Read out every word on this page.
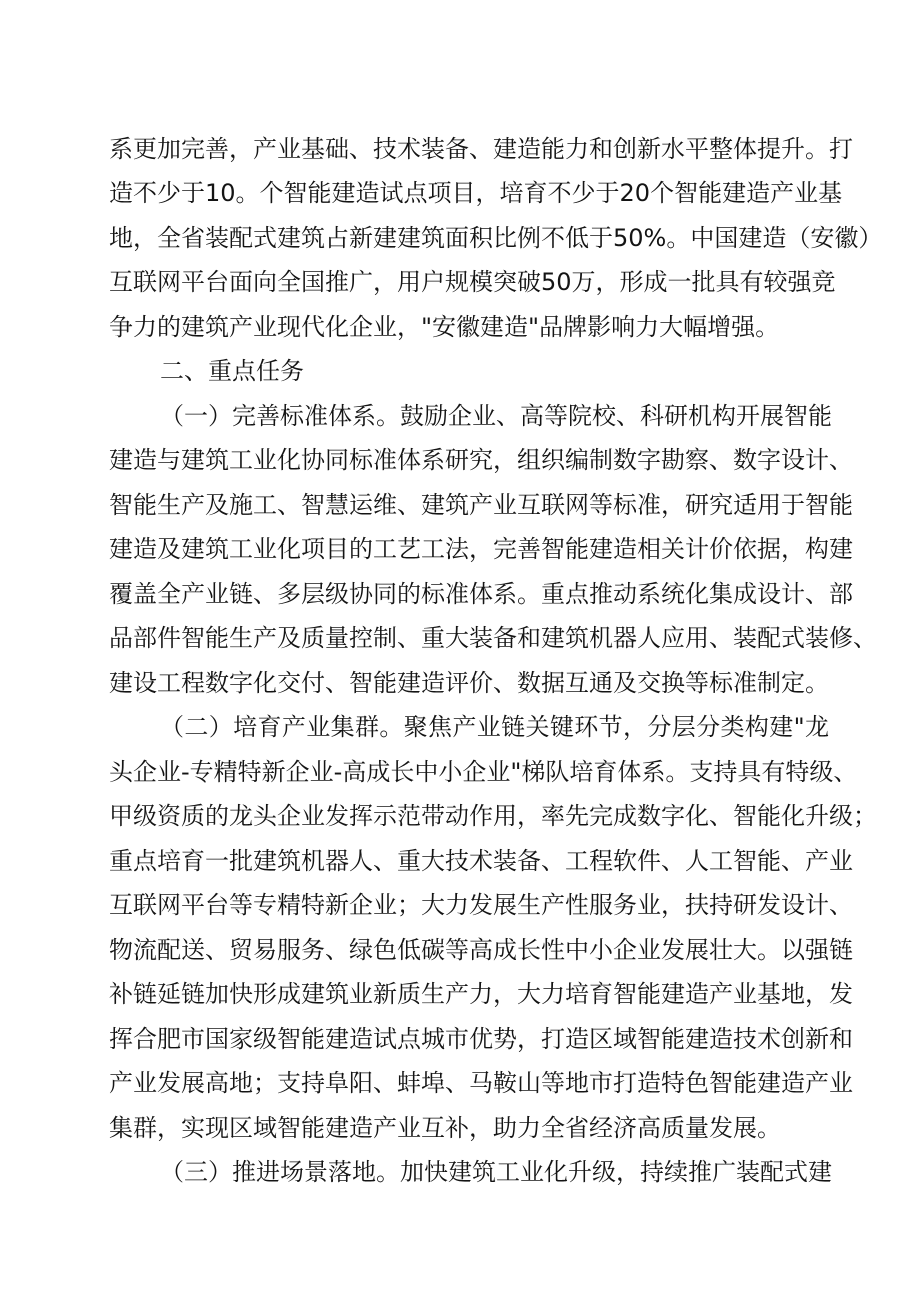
系更加完善，产业基础、技术装备、建造能力和创新水平整体提升。打
造不少于10。个智能建造试点项目，培育不少于20个智能建造产业基
地，全省装配式建筑占新建建筑面积比例不低于50%。中国建造（安徽）
互联网平台面向全国推广，用户规模突破50万，形成一批具有较强竞
争力的建筑产业现代化企业，"安徽建造"品牌影响力大幅增强。
二、重点任务
（一）完善标准体系。鼓励企业、高等院校、科研机构开展智能
建造与建筑工业化协同标准体系研究，组织编制数字勘察、数字设计、
智能生产及施工、智慧运维、建筑产业互联网等标准，研究适用于智能
建造及建筑工业化项目的工艺工法，完善智能建造相关计价依据，构建
覆盖全产业链、多层级协同的标准体系。重点推动系统化集成设计、部
品部件智能生产及质量控制、重大装备和建筑机器人应用、装配式装修、
建设工程数字化交付、智能建造评价、数据互通及交换等标准制定。
（二）培育产业集群。聚焦产业链关键环节，分层分类构建"龙
头企业-专精特新企业-高成长中小企业"梯队培育体系。支持具有特级、
甲级资质的龙头企业发挥示范带动作用，率先完成数字化、智能化升级；
重点培育一批建筑机器人、重大技术装备、工程软件、人工智能、产业
互联网平台等专精特新企业；大力发展生产性服务业，扶持研发设计、
物流配送、贸易服务、绿色低碳等高成长性中小企业发展壮大。以强链
补链延链加快形成建筑业新质生产力，大力培育智能建造产业基地，发
挥合肥市国家级智能建造试点城市优势，打造区域智能建造技术创新和
产业发展高地；支持阜阳、蚌埠、马鞍山等地市打造特色智能建造产业
集群，实现区域智能建造产业互补，助力全省经济高质量发展。
（三）推进场景落地。加快建筑工业化升级，持续推广装配式建
